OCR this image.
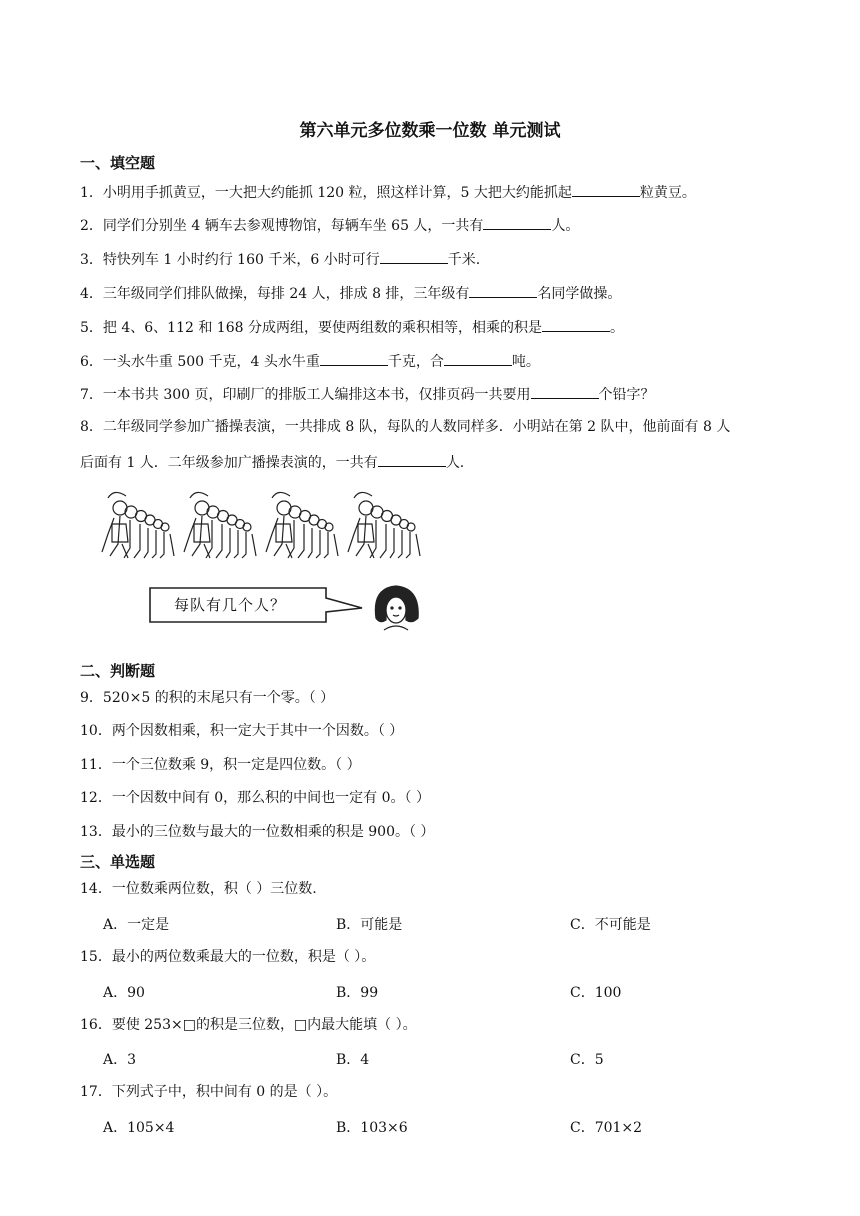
第六单元多位数乘一位数 单元测试
一、填空题
1．小明用手抓黄豆，一大把大约能抓 120 粒，照这样计算，5 大把大约能抓起	粒黄豆。
2．同学们分别坐 4 辆车去参观博物馆，每辆车坐 65 人，一共有	人。
3．特快列车 1 小时约行 160 千米，6 小时可行	千米.
4．三年级同学们排队做操，每排 24 人，排成 8 排，三年级有	名同学做操。
5．把 4、6、112 和 168 分成两组，要使两组数的乘积相等，相乘的积是	。
6．一头水牛重 500 千克，4 头水牛重	千克，合	吨。
7．一本书共 300 页，印刷厂的排版工人编排这本书，仅排页码一共要用	个铅字？
8．二年级同学参加广播操表演，一共排成 8 队，每队的人数同样多．小明站在第 2 队中，他前面有 8 人
后面有 1 人．二年级参加广播操表演的，一共有	人.
每队有几个人？
二、判断题
9．520×5 的积的末尾只有一个零。（ ）
10．两个因数相乘，积一定大于其中一个因数。（ ）
11．一个三位数乘 9，积一定是四位数。（ ）
12．一个因数中间有 0，那么积的中间也一定有 0。（ ）
13．最小的三位数与最大的一位数相乘的积是 900。（ ）
三、单选题
14．一位数乘两位数，积（ ）三位数.
A．一定是	B．可能是	C．不可能是
15．最小的两位数乘最大的一位数，积是（ ）。
A．90	B．99	C．100
16．要使 253×□的积是三位数，□内最大能填（ ）。
A．3	B．4	C．5
17．下列式子中，积中间有 0 的是（ ）。
A．105×4	B．103×6	C．701×2
